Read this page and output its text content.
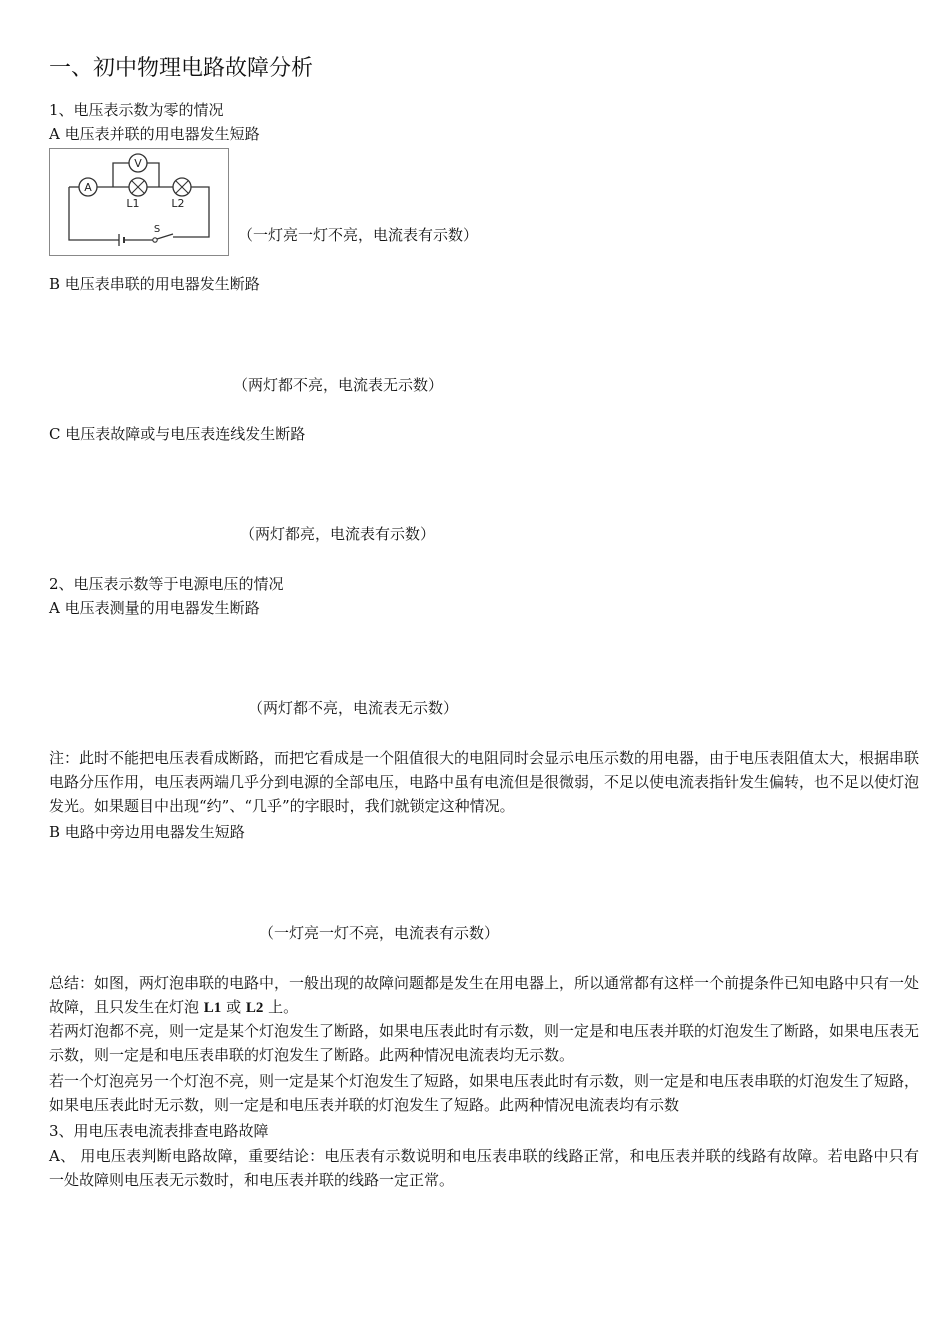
一、初中物理电路故障分析
1、电压表示数为零的情况
A 电压表并联的用电器发生短路
A
V
L1	L2
S	（一灯亮一灯不亮，电流表有示数）
B 电压表串联的用电器发生断路
（两灯都不亮，电流表无示数）
C 电压表故障或与电压表连线发生断路
（两灯都亮，电流表有示数）
2、电压表示数等于电源电压的情况
A 电压表测量的用电器发生断路
（两灯都不亮，电流表无示数）
注：此时不能把电压表看成断路，而把它看成是一个阻值很大的电阻同时会显示电压示数的用电器，由于电压表阻值太大，根据串联电路分压作用，电压表两端几乎分到电源的全部电压，电路中虽有电流但是很微弱，不足以使电流表指针发生偏转，也不足以使灯泡发光。如果题目中出现“约”、“几乎”的字眼时，我们就锁定这种情况。
B 电路中旁边用电器发生短路
（一灯亮一灯不亮，电流表有示数）
总结：如图，两灯泡串联的电路中，一般出现的故障问题都是发生在用电器上，所以通常都有这样一个前提条件已知电路中只有一处故障，且只发生在灯泡 L1 或 L2 上。
若两灯泡都不亮，则一定是某个灯泡发生了断路，如果电压表此时有示数，则一定是和电压表并联的灯泡发生了断路，如果电压表无示数，则一定是和电压表串联的灯泡发生了断路。此两种情况电流表均无示数。
若一个灯泡亮另一个灯泡不亮，则一定是某个灯泡发生了短路，如果电压表此时有示数，则一定是和电压表串联的灯泡发生了短路，如果电压表此时无示数，则一定是和电压表并联的灯泡发生了短路。此两种情况电流表均有示数
3、用电压表电流表排查电路故障
A、 用电压表判断电路故障，重要结论：电压表有示数说明和电压表串联的线路正常，和电压表并联的线路有故障。若电路中只有一处故障则电压表无示数时，和电压表并联的线路一定正常。
